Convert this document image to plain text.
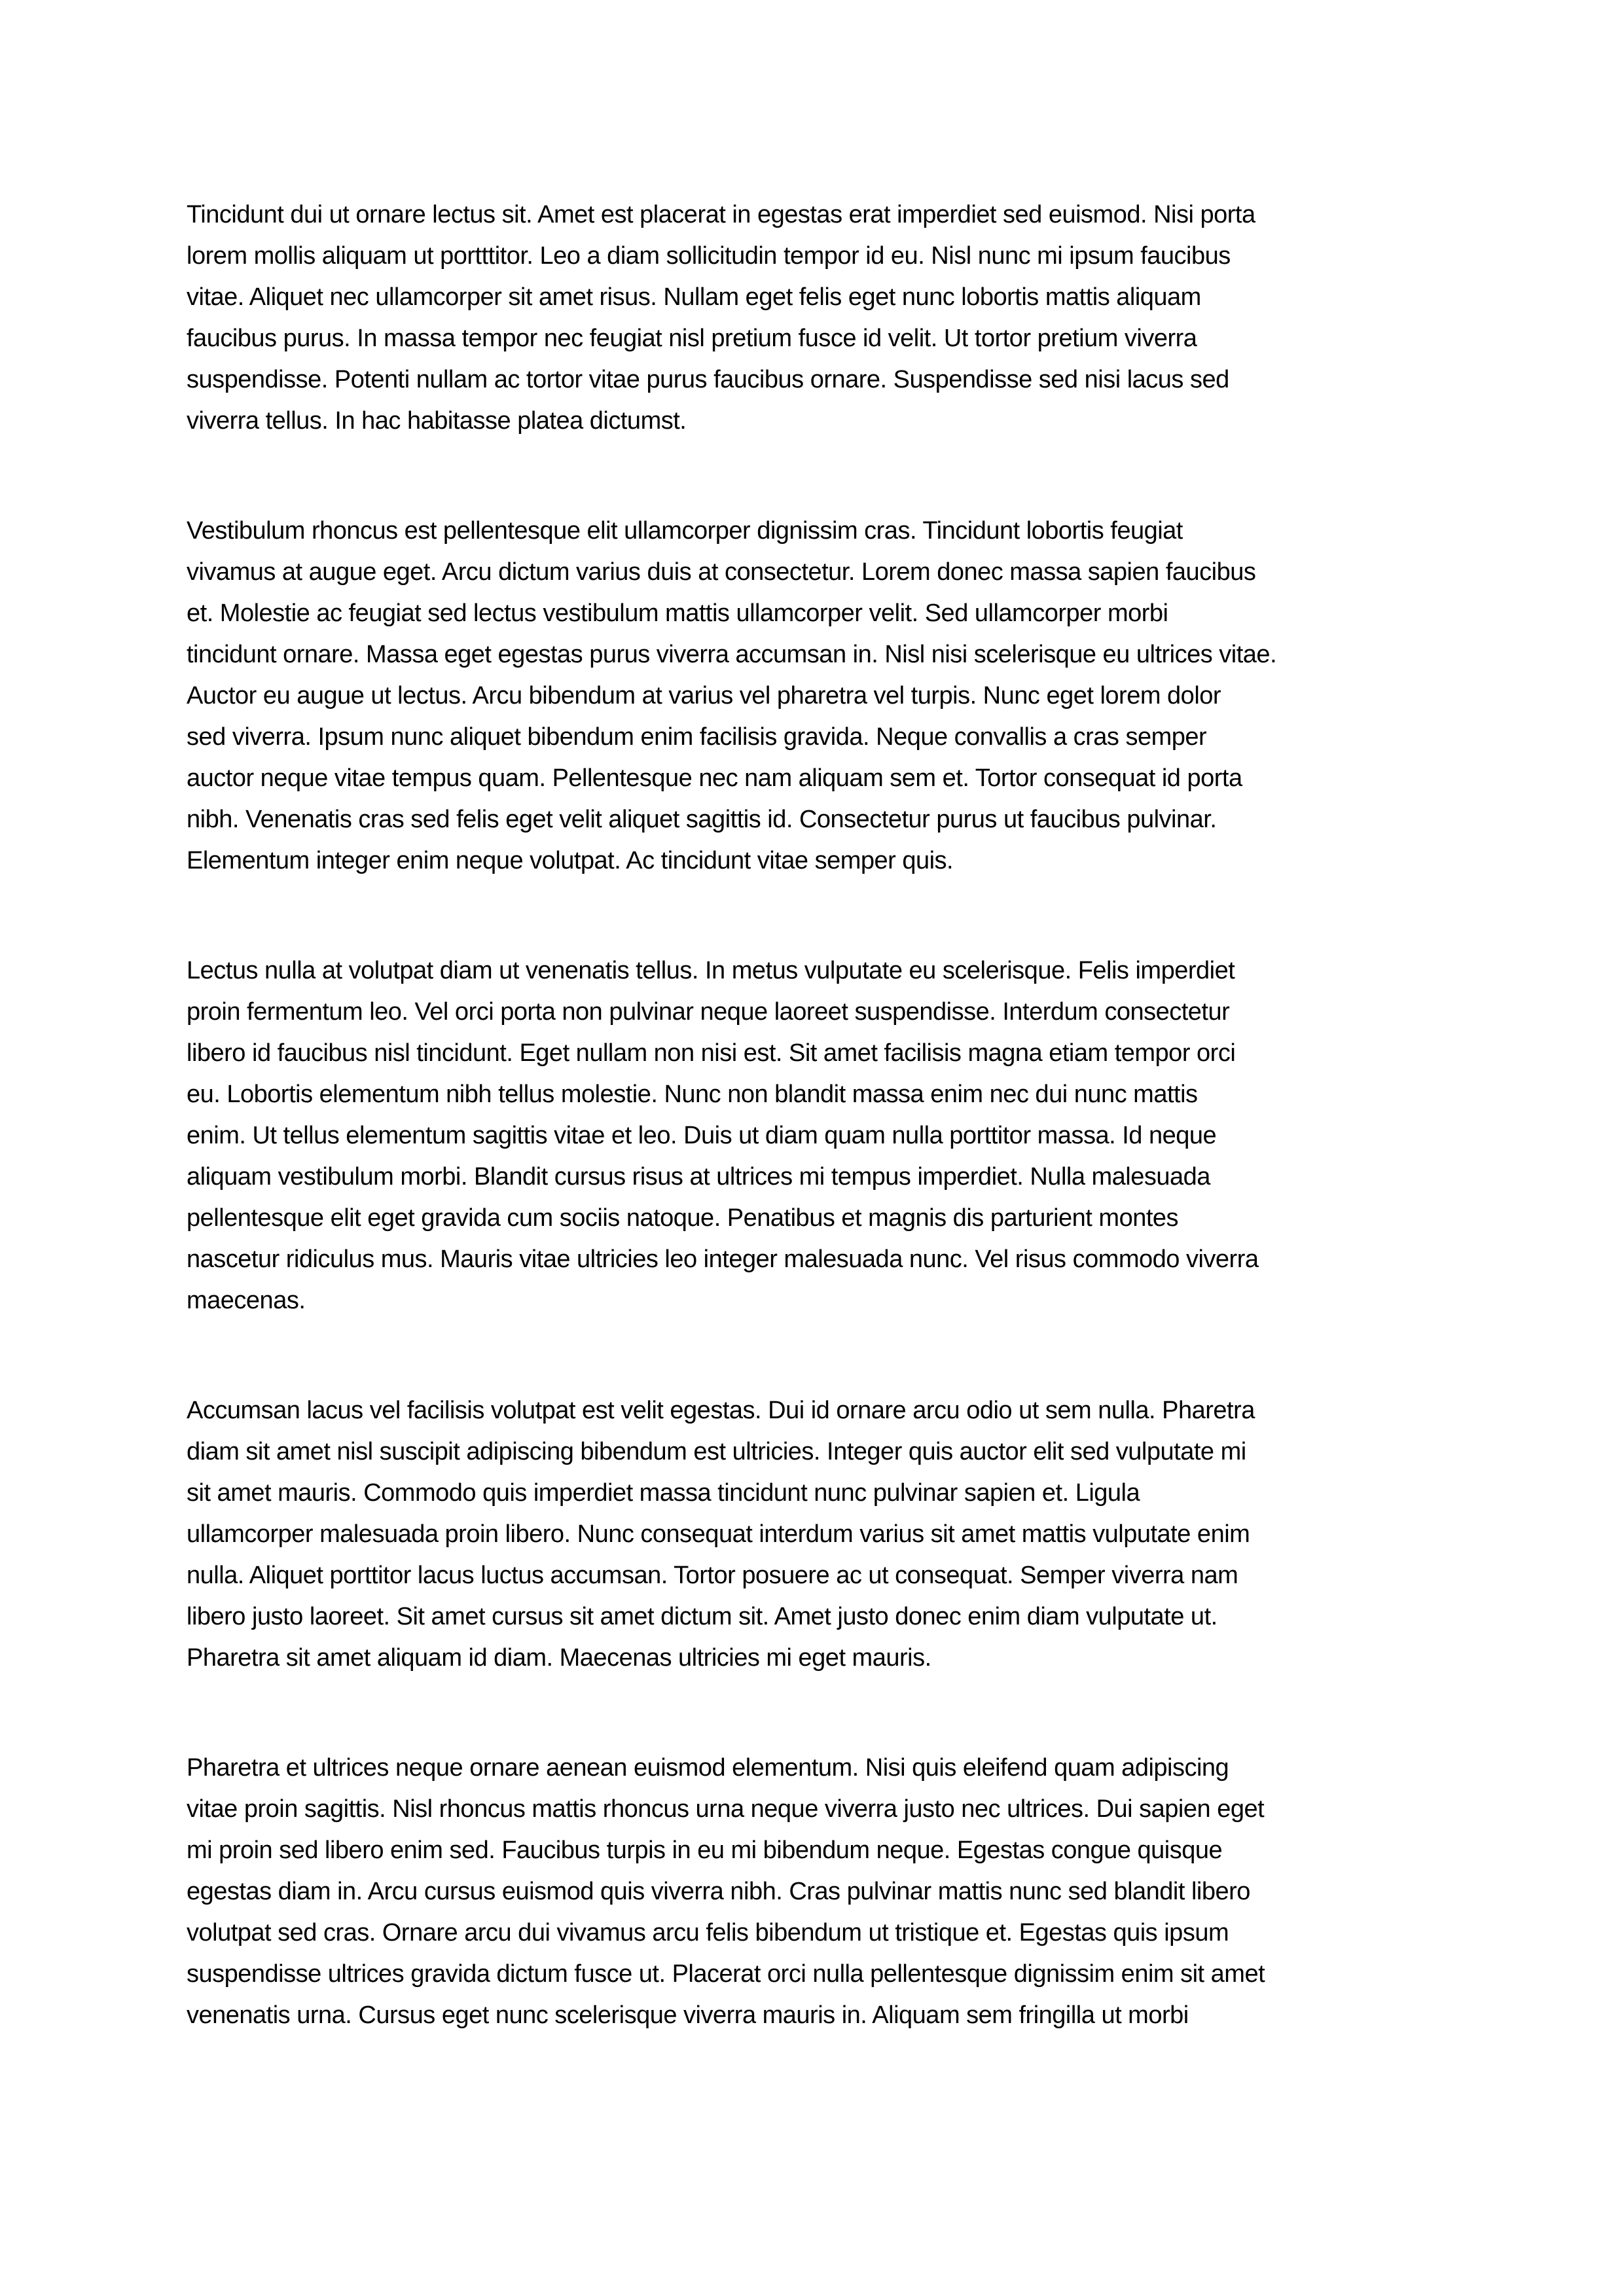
Tincidunt dui ut ornare lectus sit. Amet est placerat in egestas erat imperdiet sed euismod. Nisi porta
lorem mollis aliquam ut portttitor. Leo a diam sollicitudin tempor id eu. Nisl nunc mi ipsum faucibus
vitae. Aliquet nec ullamcorper sit amet risus. Nullam eget felis eget nunc lobortis mattis aliquam
faucibus purus. In massa tempor nec feugiat nisl pretium fusce id velit. Ut tortor pretium viverra
suspendisse. Potenti nullam ac tortor vitae purus faucibus ornare. Suspendisse sed nisi lacus sed
viverra tellus. In hac habitasse platea dictumst.

Vestibulum rhoncus est pellentesque elit ullamcorper dignissim cras. Tincidunt lobortis feugiat
vivamus at augue eget. Arcu dictum varius duis at consectetur. Lorem donec massa sapien faucibus
et. Molestie ac feugiat sed lectus vestibulum mattis ullamcorper velit. Sed ullamcorper morbi
tincidunt ornare. Massa eget egestas purus viverra accumsan in. Nisl nisi scelerisque eu ultrices vitae.
Auctor eu augue ut lectus. Arcu bibendum at varius vel pharetra vel turpis. Nunc eget lorem dolor
sed viverra. Ipsum nunc aliquet bibendum enim facilisis gravida. Neque convallis a cras semper
auctor neque vitae tempus quam. Pellentesque nec nam aliquam sem et. Tortor consequat id porta
nibh. Venenatis cras sed felis eget velit aliquet sagittis id. Consectetur purus ut faucibus pulvinar.
Elementum integer enim neque volutpat. Ac tincidunt vitae semper quis.

Lectus nulla at volutpat diam ut venenatis tellus. In metus vulputate eu scelerisque. Felis imperdiet
proin fermentum leo. Vel orci porta non pulvinar neque laoreet suspendisse. Interdum consectetur
libero id faucibus nisl tincidunt. Eget nullam non nisi est. Sit amet facilisis magna etiam tempor orci
eu. Lobortis elementum nibh tellus molestie. Nunc non blandit massa enim nec dui nunc mattis
enim. Ut tellus elementum sagittis vitae et leo. Duis ut diam quam nulla porttitor massa. Id neque
aliquam vestibulum morbi. Blandit cursus risus at ultrices mi tempus imperdiet. Nulla malesuada
pellentesque elit eget gravida cum sociis natoque. Penatibus et magnis dis parturient montes
nascetur ridiculus mus. Mauris vitae ultricies leo integer malesuada nunc. Vel risus commodo viverra
maecenas.

Accumsan lacus vel facilisis volutpat est velit egestas. Dui id ornare arcu odio ut sem nulla. Pharetra
diam sit amet nisl suscipit adipiscing bibendum est ultricies. Integer quis auctor elit sed vulputate mi
sit amet mauris. Commodo quis imperdiet massa tincidunt nunc pulvinar sapien et. Ligula
ullamcorper malesuada proin libero. Nunc consequat interdum varius sit amet mattis vulputate enim
nulla. Aliquet porttitor lacus luctus accumsan. Tortor posuere ac ut consequat. Semper viverra nam
libero justo laoreet. Sit amet cursus sit amet dictum sit. Amet justo donec enim diam vulputate ut.
Pharetra sit amet aliquam id diam. Maecenas ultricies mi eget mauris.

Pharetra et ultrices neque ornare aenean euismod elementum. Nisi quis eleifend quam adipiscing
vitae proin sagittis. Nisl rhoncus mattis rhoncus urna neque viverra justo nec ultrices. Dui sapien eget
mi proin sed libero enim sed. Faucibus turpis in eu mi bibendum neque. Egestas congue quisque
egestas diam in. Arcu cursus euismod quis viverra nibh. Cras pulvinar mattis nunc sed blandit libero
volutpat sed cras. Ornare arcu dui vivamus arcu felis bibendum ut tristique et. Egestas quis ipsum
suspendisse ultrices gravida dictum fusce ut. Placerat orci nulla pellentesque dignissim enim sit amet
venenatis urna. Cursus eget nunc scelerisque viverra mauris in. Aliquam sem fringilla ut morbi
